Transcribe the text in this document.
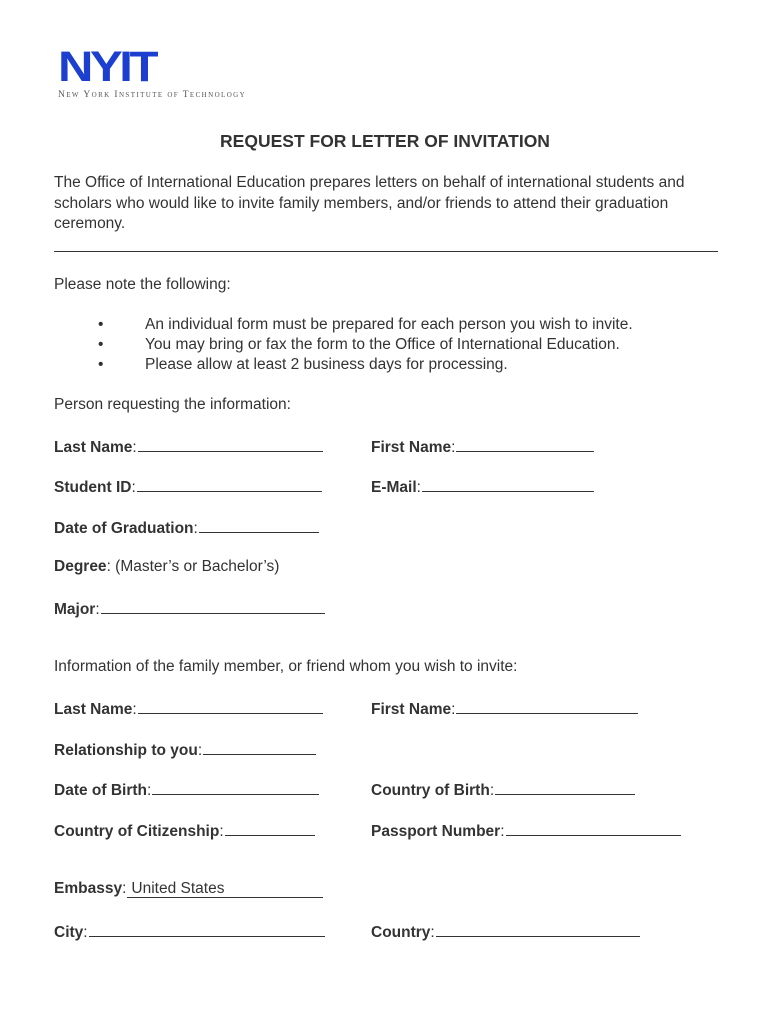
NYIT
New York Institute of Technology
REQUEST FOR LETTER OF INVITATION
The Office of International Education prepares letters on behalf of international students and scholars who would like to invite family members, and/or friends to attend their graduation ceremony.
Please note the following:
•	An individual form must be prepared for each person you wish to invite.
•	You may bring or fax the form to the Office of International Education.
•	Please allow at least 2 business days for processing.
Person requesting the information:
Last Name :	First Name :
Student ID :	E-Mail :
Date of Graduation :
Degree : (Master’s or Bachelor’s)
Major :
Information of the family member, or friend whom you wish to invite:
Last Name :	First Name :
Relationship to you :
Date of Birth :	Country of Birth :
Country of Citizenship :	Passport Number :
Embassy : United States
City :	Country :
